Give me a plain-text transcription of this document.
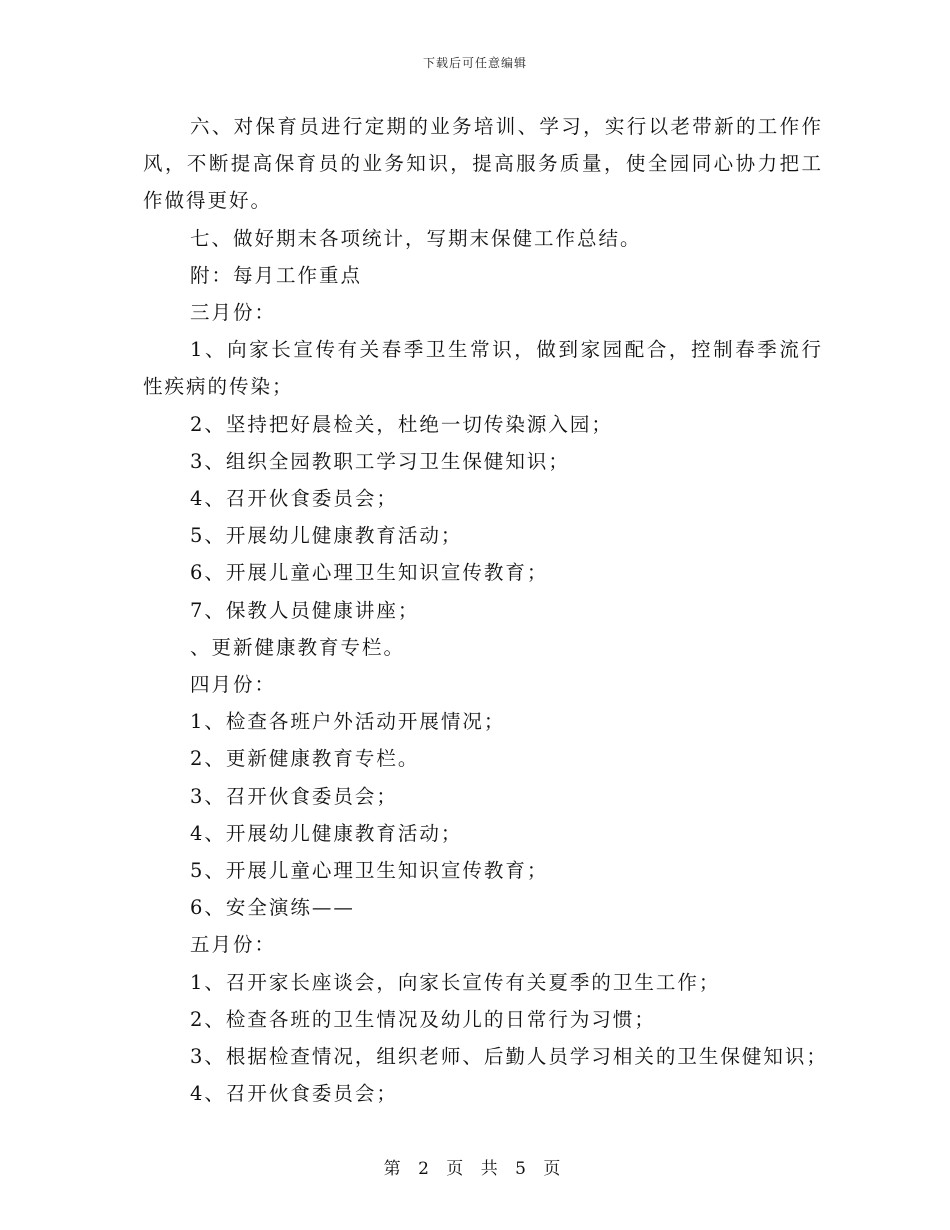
下载后可任意编辑

六、对保育员进行定期的业务培训、学习，实行以老带新的工作作风，不断提高保育员的业务知识，提高服务质量，使全园同心协力把工作做得更好。

七、做好期末各项统计，写期末保健工作总结。

附：每月工作重点

三月份：

1、向家长宣传有关春季卫生常识，做到家园配合，控制春季流行性疾病的传染；

2、坚持把好晨检关，杜绝一切传染源入园；

3、组织全园教职工学习卫生保健知识；

4、召开伙食委员会；

5、开展幼儿健康教育活动；

6、开展儿童心理卫生知识宣传教育；

7、保教人员健康讲座；

、更新健康教育专栏。

四月份：

1、检查各班户外活动开展情况；

2、更新健康教育专栏。

3、召开伙食委员会；

4、开展幼儿健康教育活动；

5、开展儿童心理卫生知识宣传教育；

6、安全演练——

五月份：

1、召开家长座谈会，向家长宣传有关夏季的卫生工作；

2、检查各班的卫生情况及幼儿的日常行为习惯；

3、根据检查情况，组织老师、后勤人员学习相关的卫生保健知识；

4、召开伙食委员会；

第 2 页 共 5 页
